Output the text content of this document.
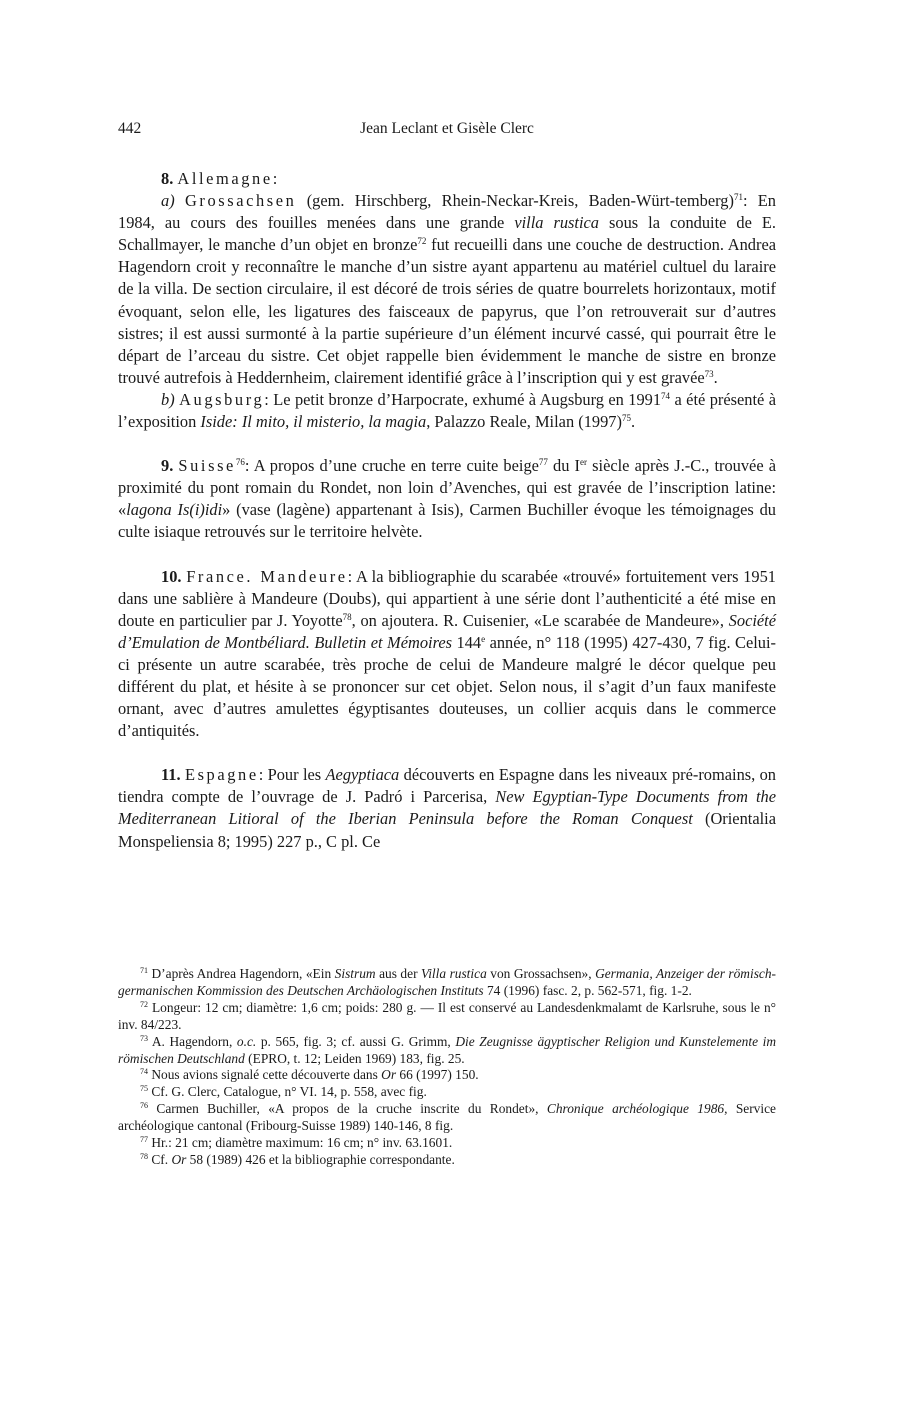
442	Jean Leclant et Gisèle Clerc

8. Allemagne:

a) Grossachsen (gem. Hirschberg, Rhein-Neckar-Kreis, Baden-Würt-temberg)$^{71}$: En 1984, au cours des fouilles menées dans une grande villa rustica sous la conduite de E. Schallmayer, le manche d’un objet en bronze$^{72}$ fut recueilli dans une couche de destruction. Andrea Hagendorn croit y reconnaître le manche d’un sistre ayant appartenu au matériel cultuel du laraire de la villa. De section circulaire, il est décoré de trois séries de quatre bourrelets horizontaux, motif évoquant, selon elle, les ligatures des faisceaux de papyrus, que l’on retrouverait sur d’autres sistres; il est aussi surmonté à la partie supérieure d’un élément incurvé cassé, qui pourrait être le départ de l’arceau du sistre. Cet objet rappelle bien évidemment le manche de sistre en bronze trouvé autrefois à Heddernheim, clairement identifié grâce à l’inscription qui y est gravée$^{73}$.

b) Augsburg: Le petit bronze d’Harpocrate, exhumé à Augsburg en 1991$^{74}$ a été présenté à l’exposition Iside: Il mito, il misterio, la magia, Palazzo Reale, Milan $(1997)^{75}$.

9. Suisse$^{76}$: A propos d’une cruche en terre cuite beige$^{77}$ du Ier siècle après J.-C., trouvée à proximité du pont romain du Rondet, non loin d’Avenches, qui est gravée de l’inscription latine: «lagona Is(i)idi» (vase (lagène) appartenant à Isis), Carmen Buchiller évoque les témoignages du culte isiaque retrouvés sur le territoire helvète.

10. France. Mandeure: A la bibliographie du scarabée «trouvé» fortuitement vers 1951 dans une sablière à Mandeure (Doubs), qui appartient à une série dont l’authenticité a été mise en doute en particulier par J. Yoyotte$^{78}$, on ajoutera. R. Cuisenier, «Le scarabée de Mandeure», Société d’Emulation de Montbéliard. Bulletin et Mémoires 144e année, n° 118 (1995) 427-430, 7 fig. Celui-ci présente un autre scarabée, très proche de celui de Mandeure malgré le décor quelque peu différent du plat, et hésite à se prononcer sur cet objet. Selon nous, il s’agit d’un faux manifeste ornant, avec d’autres amulettes égyptisantes douteuses, un collier acquis dans le commerce d’antiquités.

11. Espagne: Pour les Aegyptiaca découverts en Espagne dans les niveaux pré-romains, on tiendra compte de l’ouvrage de J. Padró i Parcerisa, New Egyptian-Type Documents from the Mediterranean Litioral of the Iberian Peninsula before the Roman Conquest (Orientalia Monspeliensia 8; 1995) 227 p., C pl. Ce

$^{71}$ D’après Andrea Hagendorn, «Ein Sistrum aus der Villa rustica von Grossachsen», Germania, Anzeiger der römisch-germanischen Kommission des Deutschen Archäologischen Instituts 74 (1996) fasc. 2, p. 562-571, fig. 1-2.

$^{72}$ Longeur: 12 cm; diamètre: 1,6 cm; poids: 280 g. — Il est conservé au Landesdenkmalamt de Karlsruhe, sous le n° inv. 84/223.

$^{73}$ A. Hagendorn, o.c. p. 565, fig. 3; cf. aussi G. Grimm, Die Zeugnisse ägyptischer Religion und Kunstelemente im römischen Deutschland (EPRO, t. 12; Leiden 1969) 183, fig. 25.

$^{74}$ Nous avions signalé cette découverte dans Or 66 (1997) 150.

$^{75}$ Cf. G. Clerc, Catalogue, n° VI. 14, p. 558, avec fig.

$^{76}$ Carmen Buchiller, «A propos de la cruche inscrite du Rondet», Chronique archéologique 1986, Service archéologique cantonal (Fribourg-Suisse 1989) 140-146, 8 fig.

$^{77}$ Hr.: 21 cm; diamètre maximum: 16 cm; n° inv. 63.1601.

$^{78}$ Cf. Or 58 (1989) 426 et la bibliographie correspondante.
